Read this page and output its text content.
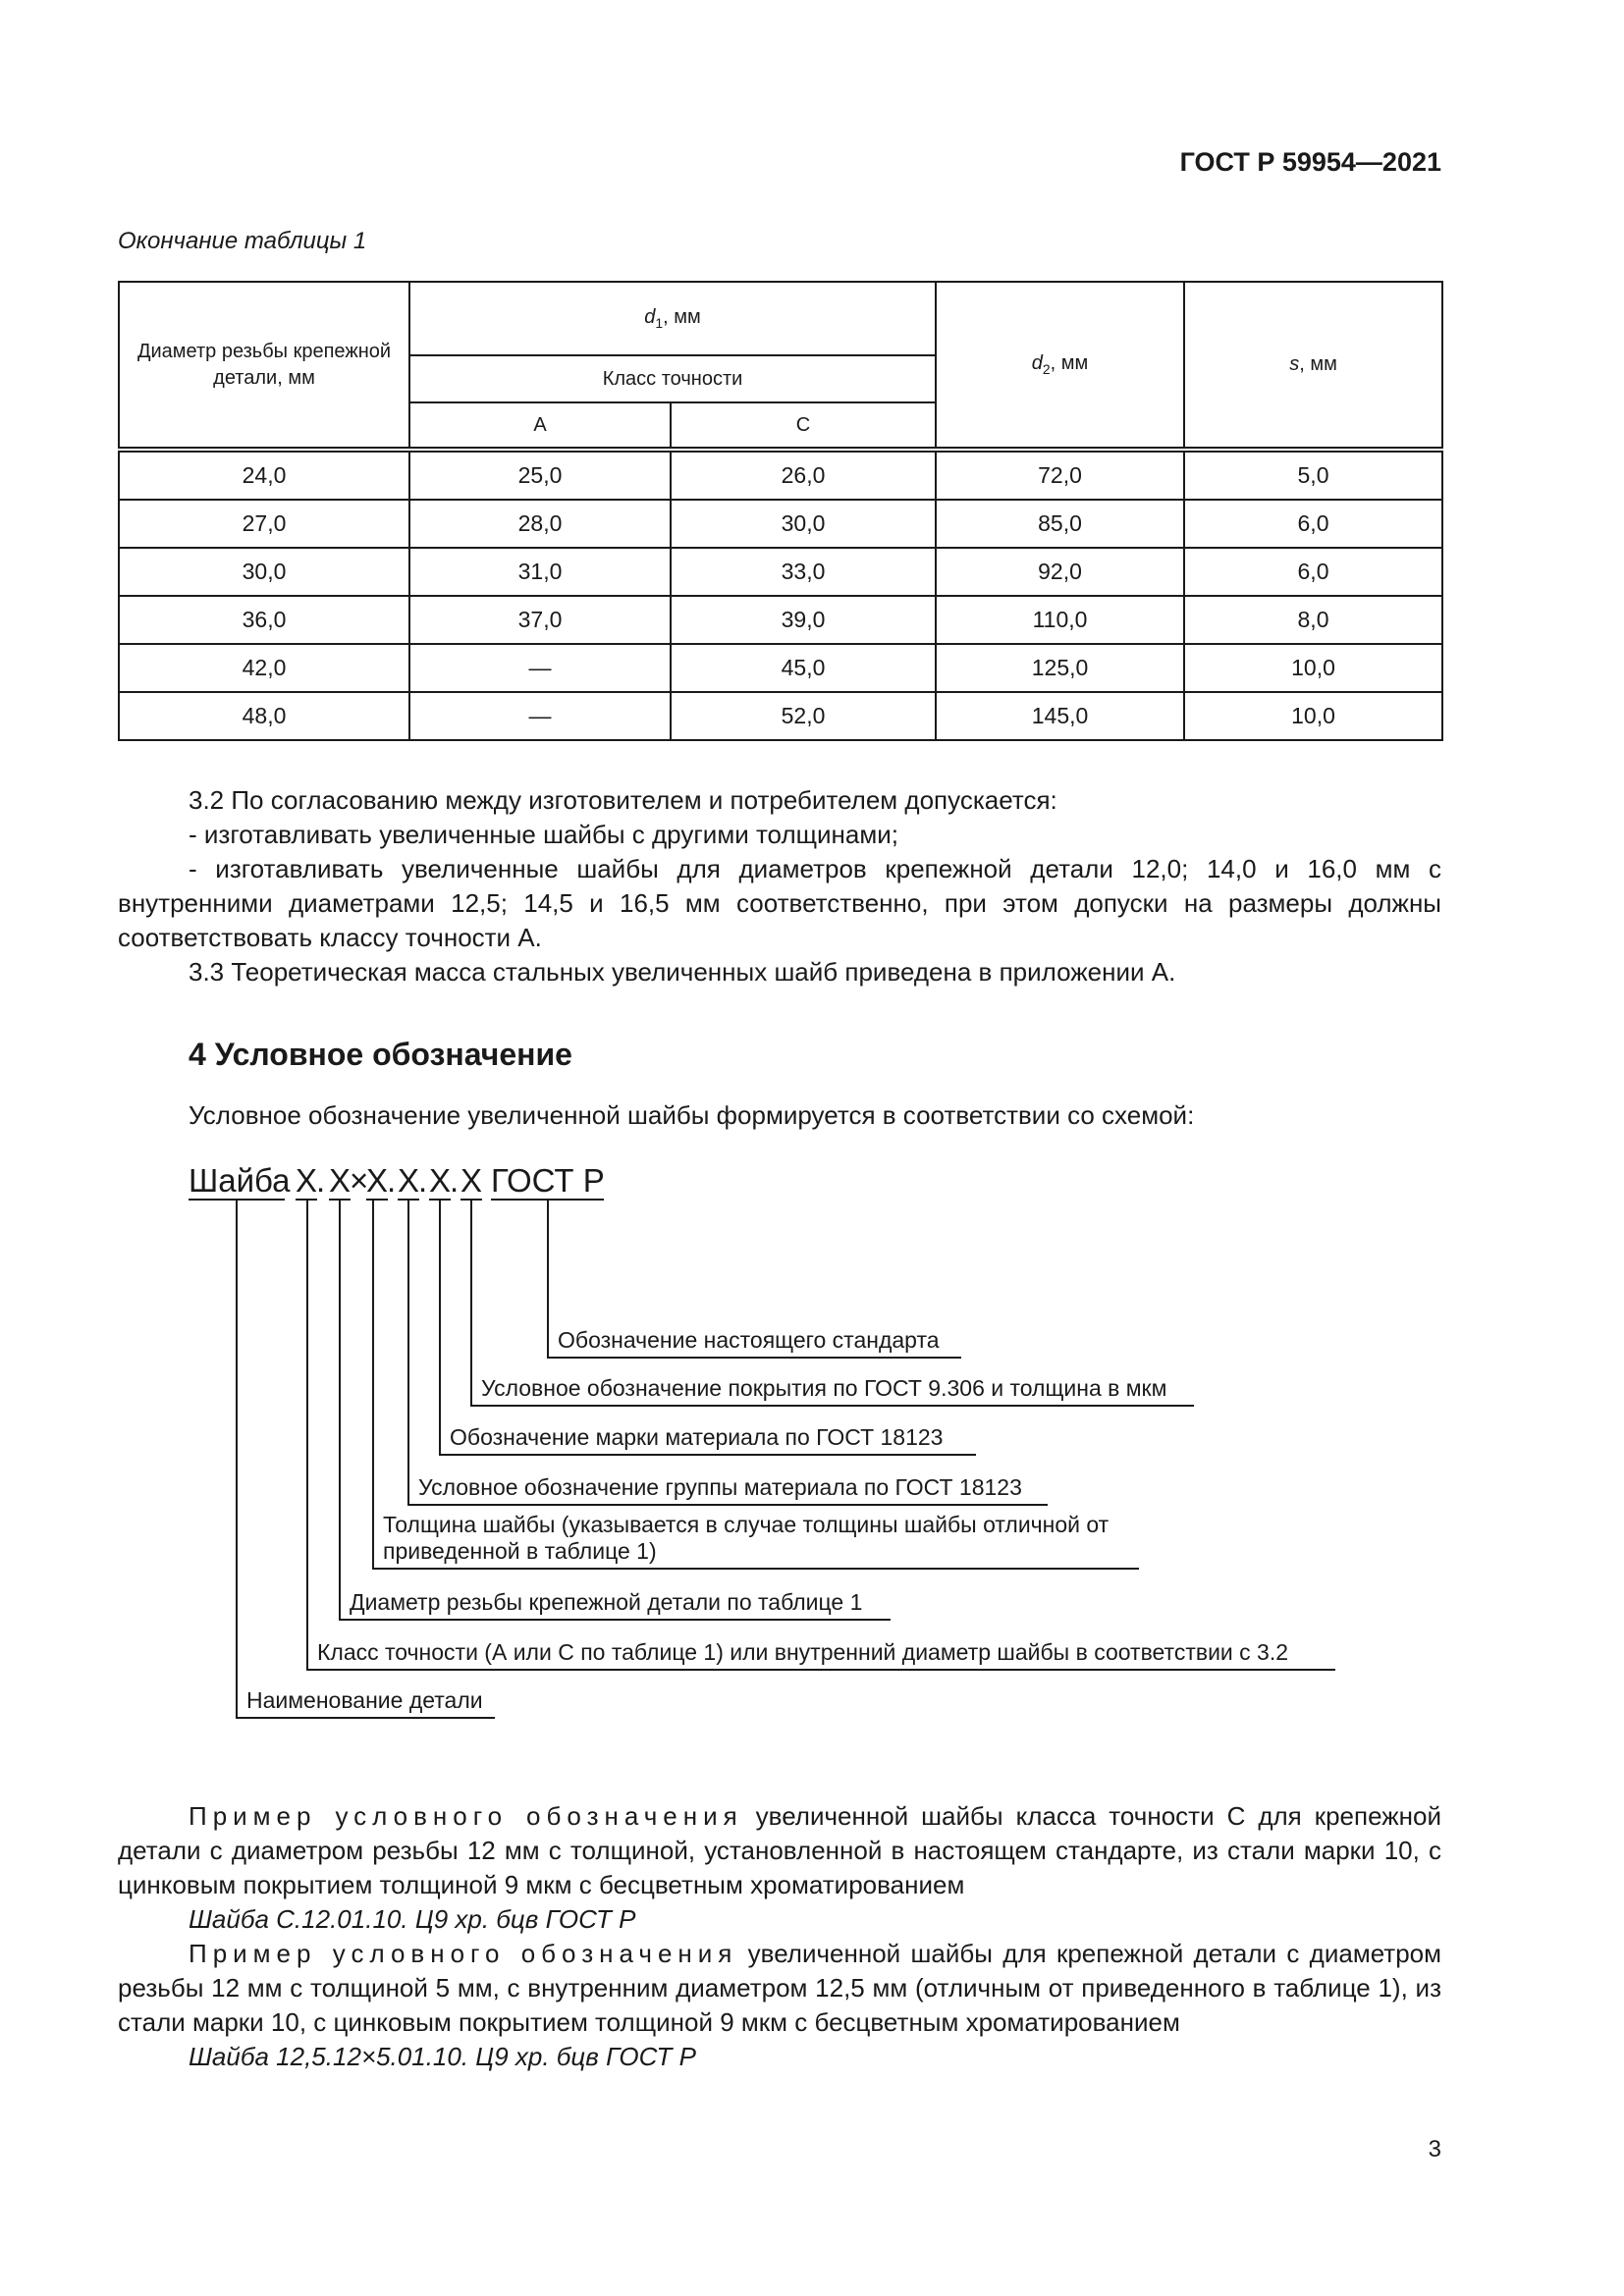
ГОСТ Р 59954—2021
Окончание таблицы 1
Диаметр резьбы крепежной детали, мм	$d_1$, мм		$d_2$, мм	s, мм
	Класс точности			
	А	С		
24,0	25,0	26,0	72,0	5,0
27,0	28,0	30,0	85,0	6,0
30,0	31,0	33,0	92,0	6,0
36,0	37,0	39,0	110,0	8,0
42,0	—	45,0	125,0	10,0
48,0	—	52,0	145,0	10,0

3.2 По согласованию между изготовителем и потребителем допускается:

- изготавливать увеличенные шайбы с другими толщинами;

- изготавливать увеличенные шайбы для диаметров крепежной детали 12,0; 14,0 и 16,0 мм с внутренними диаметрами 12,5; 14,5 и 16,5 мм соответственно, при этом допуски на размеры должны соответствовать классу точности А.

3.3 Теоретическая масса стальных увеличенных шайб приведена в приложении А.

4 Условное обозначение

Условное обозначение увеличенной шайбы формируется в соответствии со схемой:

Шайба Х
. Х
×
Х
. Х
. Х
. Х ГОСТ Р
Обозначение настоящего стандарта
Условное обозначение покрытия по ГОСТ 9.306 и толщина в мкм
Обозначение марки материала по ГОСТ 18123
Условное обозначение группы материала по ГОСТ 18123
Толщина шайбы (указывается в случае толщины шайбы отличной от
приведенной в таблице 1)
Диаметр резьбы крепежной детали по таблице 1
Класс точности (А или С по таблице 1) или внутренний диаметр шайбы в соответствии с 3.2
Наименование детали

Пример условного обозначения увеличенной шайбы класса точности С для крепежной детали с диаметром резьбы 12 мм с толщиной, установленной в настоящем стандарте, из стали марки 10, с цинковым покрытием толщиной 9 мкм с бесцветным хроматированием

Шайба С.12.01.10. Ц9 хр. бцв ГОСТ Р

Пример условного обозначения увеличенной шайбы для крепежной детали с диаметром резьбы 12 мм с толщиной 5 мм, с внутренним диаметром 12,5 мм (отличным от приведенного в таблице 1), из стали марки 10, с цинковым покрытием толщиной 9 мкм с бесцветным хроматированием

Шайба 12,5.12×5.01.10. Ц9 хр. бцв ГОСТ Р

3
